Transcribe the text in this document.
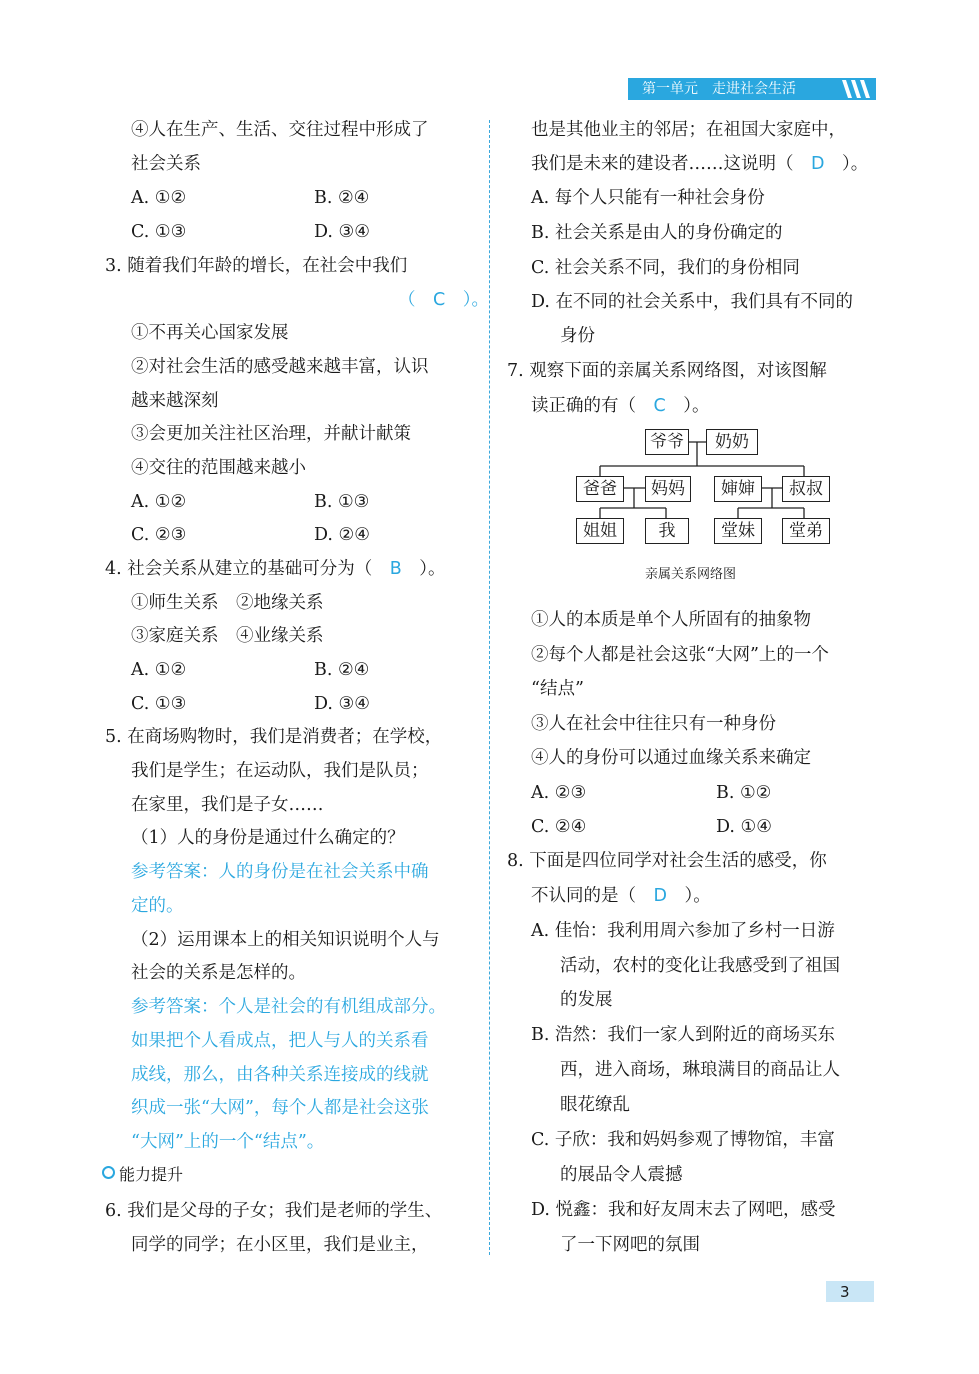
第一单元　走进社会生活
④人在生产、生活、交往过程中形成了
社会关系
A. ①②	B. ②④
C. ①③	D. ③④
3. 随着我们年龄的增长，在社会中我们
（　C　）。
①不再关心国家发展
②对社会生活的感受越来越丰富，认识
越来越深刻
③会更加关注社区治理，并献计献策
④交往的范围越来越小
A. ①②	B. ①③
C. ②③	D. ②④
4. 社会关系从建立的基础可分为（　B　）。
①师生关系　②地缘关系
③家庭关系　④业缘关系
A. ①②	B. ②④
C. ①③	D. ③④
5. 在商场购物时，我们是消费者；在学校，
我们是学生；在运动队，我们是队员；
在家里，我们是子女……
（1）人的身份是通过什么确定的？
参考答案：人的身份是在社会关系中确
定的。
（2）运用课本上的相关知识说明个人与
社会的关系是怎样的。
参考答案：个人是社会的有机组成部分。
如果把个人看成点，把人与人的关系看
成线，那么，由各种关系连接成的线就
织成一张“大网”，每个人都是社会这张
“大网”上的一个“结点”。
能力提升
6. 我们是父母的子女；我们是老师的学生、
同学的同学；在小区里，我们是业主，
也是其他业主的邻居；在祖国大家庭中，
我们是未来的建设者……这说明（　D　）。
A. 每个人只能有一种社会身份
B. 社会关系是由人的身份确定的
C. 社会关系不同，我们的身份相同
D. 在不同的社会关系中，我们具有不同的
身份
7. 观察下面的亲属关系网络图，对该图解
读正确的有（　C　）。
爷爷	奶奶
爸爸	妈妈	婶婶	叔叔
姐姐	我	堂妹	堂弟
亲属关系网络图
①人的本质是单个人所固有的抽象物
②每个人都是社会这张“大网”上的一个
“结点”
③人在社会中往往只有一种身份
④人的身份可以通过血缘关系来确定
A. ②③	B. ①②
C. ②④	D. ①④
8. 下面是四位同学对社会生活的感受，你
不认同的是（　D　）。
A. 佳怡：我利用周六参加了乡村一日游
活动，农村的变化让我感受到了祖国
的发展
B. 浩然：我们一家人到附近的商场买东
西，进入商场，琳琅满目的商品让人
眼花缭乱
C. 子欣：我和妈妈参观了博物馆，丰富
的展品令人震撼
D. 悦鑫：我和好友周末去了网吧，感受
了一下网吧的氛围
3
